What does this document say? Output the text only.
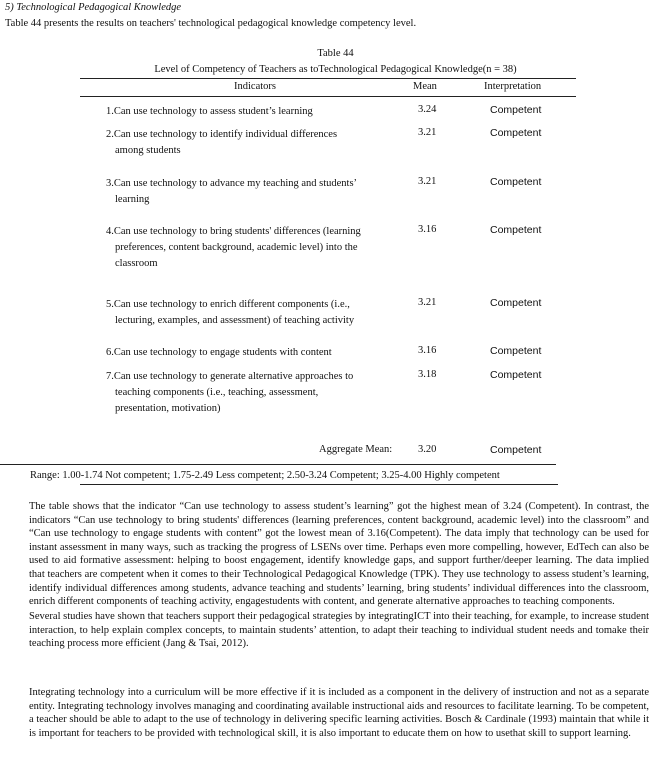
5) Technological Pedagogical Knowledge
Table 44 presents the results on teachers' technological pedagogical knowledge competency level.
Table 44
Level of Competency of Teachers as toTechnological Pedagogical Knowledge(n = 38)
Indicators	Mean	Interpretation
1.Can use technology to assess student’s learning	3.24	Competent
2.Can use technology to identify individual differences
among students
3.21	Competent
3.Can use technology to advance my teaching and students’
learning
3.21	Competent
4.Can use technology to bring students' differences (learning
preferences, content background, academic level) into the
classroom
3.16	Competent
5.Can use technology to enrich different components (i.e.,
lecturing, examples, and assessment) of teaching activity
3.21	Competent
6.Can use technology to engage students with content	3.16	Competent
7.Can use technology to generate alternative approaches to
teaching components (i.e., teaching, assessment,
presentation, motivation)
3.18	Competent
Aggregate Mean: 3.20	Competent
Range: 1.00-1.74 Not competent; 1.75-2.49 Less competent; 2.50-3.24 Competent; 3.25-4.00 Highly competent
The table shows that the indicator “Can use technology to assess student’s learning” got the highest mean of 3.24 (Competent). In contrast, the indicators “Can use technology to bring students' differences (learning preferences, content background, academic level) into the classroom” and “Can use technology to engage students with content” got the lowest mean of 3.16(Competent). The data imply that technology can be used for instant assessment in many ways, such as tracking the progress of LSENs over time. Perhaps even more compelling, however, EdTech can also be used to aid formative assessment: helping to boost engagement, identify knowledge gaps, and support further/deeper learning. The data implied that teachers are competent when it comes to their Technological Pedagogical Knowledge (TPK). They use technology to assess student’s learning, identify individual differences among students, advance teaching and students’ learning, bring students’ individual differences into the classroom, enrich different components of teaching activity, engagestudents with content, and generate alternative approaches to teaching components.
Several studies have shown that teachers support their pedagogical strategies by integratingICT into their teaching, for example, to increase student interaction, to help explain complex concepts, to maintain students’ attention, to adapt their teaching to individual student needs and tomake their teaching process more efficient (Jang & Tsai, 2012).
Integrating technology into a curriculum will be more effective if it is included as a component in the delivery of instruction and not as a separate entity. Integrating technology involves managing and coordinating available instructional aids and resources to facilitate learning. To be competent, a teacher should be able to adapt to the use of technology in delivering specific learning activities. Bosch & Cardinale (1993) maintain that while it is important for teachers to be provided with technological skill, it is also important to educate them on how to usethat skill to support learning.
